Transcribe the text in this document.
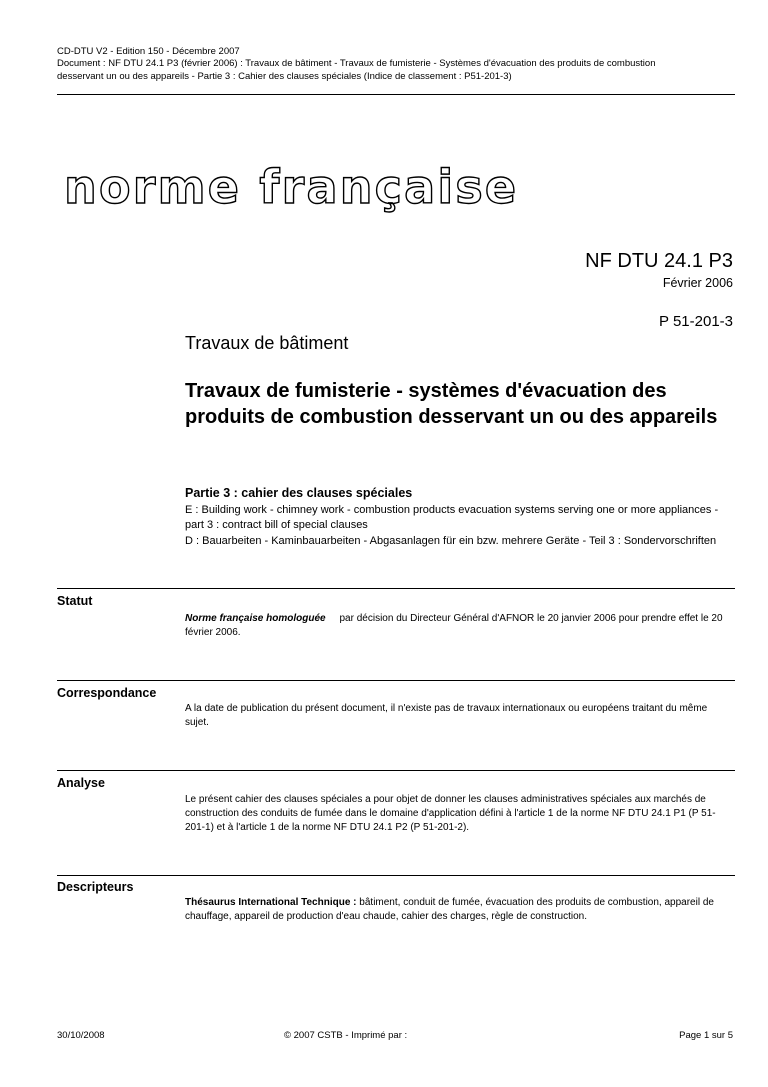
CD-DTU V2 - Edition 150 - Décembre 2007
Document : NF DTU 24.1 P3 (février 2006) : Travaux de bâtiment - Travaux de fumisterie - Systèmes d'évacuation des produits de combustion
desservant un ou des appareils - Partie 3 : Cahier des clauses spéciales (Indice de classement : P51-201-3)
norme française
NF DTU 24.1 P3
Février 2006
P 51-201-3
Travaux de bâtiment
Travaux de fumisterie - systèmes d'évacuation des produits de combustion desservant un ou des appareils
Partie 3 : cahier des clauses spéciales
E : Building work - chimney work - combustion products evacuation systems serving one or more appliances - part 3 : contract bill of special clauses
D : Bauarbeiten - Kaminbauarbeiten - Abgasanlagen für ein bzw. mehrere Geräte - Teil 3 : Sondervorschriften
Statut
Norme française homologuée par décision du Directeur Général d'AFNOR le 20 janvier 2006 pour prendre effet le 20 février 2006.
Correspondance
A la date de publication du présent document, il n'existe pas de travaux internationaux ou européens traitant du même sujet.
Analyse
Le présent cahier des clauses spéciales a pour objet de donner les clauses administratives spéciales aux marchés de construction des conduits de fumée dans le domaine d'application défini à l'article 1 de la norme NF DTU 24.1 P1 (P 51-201-1) et à l'article 1 de la norme NF DTU 24.1 P2 (P 51-201-2).
Descripteurs
Thésaurus International Technique : bâtiment, conduit de fumée, évacuation des produits de combustion, appareil de chauffage, appareil de production d'eau chaude, cahier des charges, règle de construction.
30/10/2008	© 2007 CSTB - Imprimé par :	Page 1 sur 5
